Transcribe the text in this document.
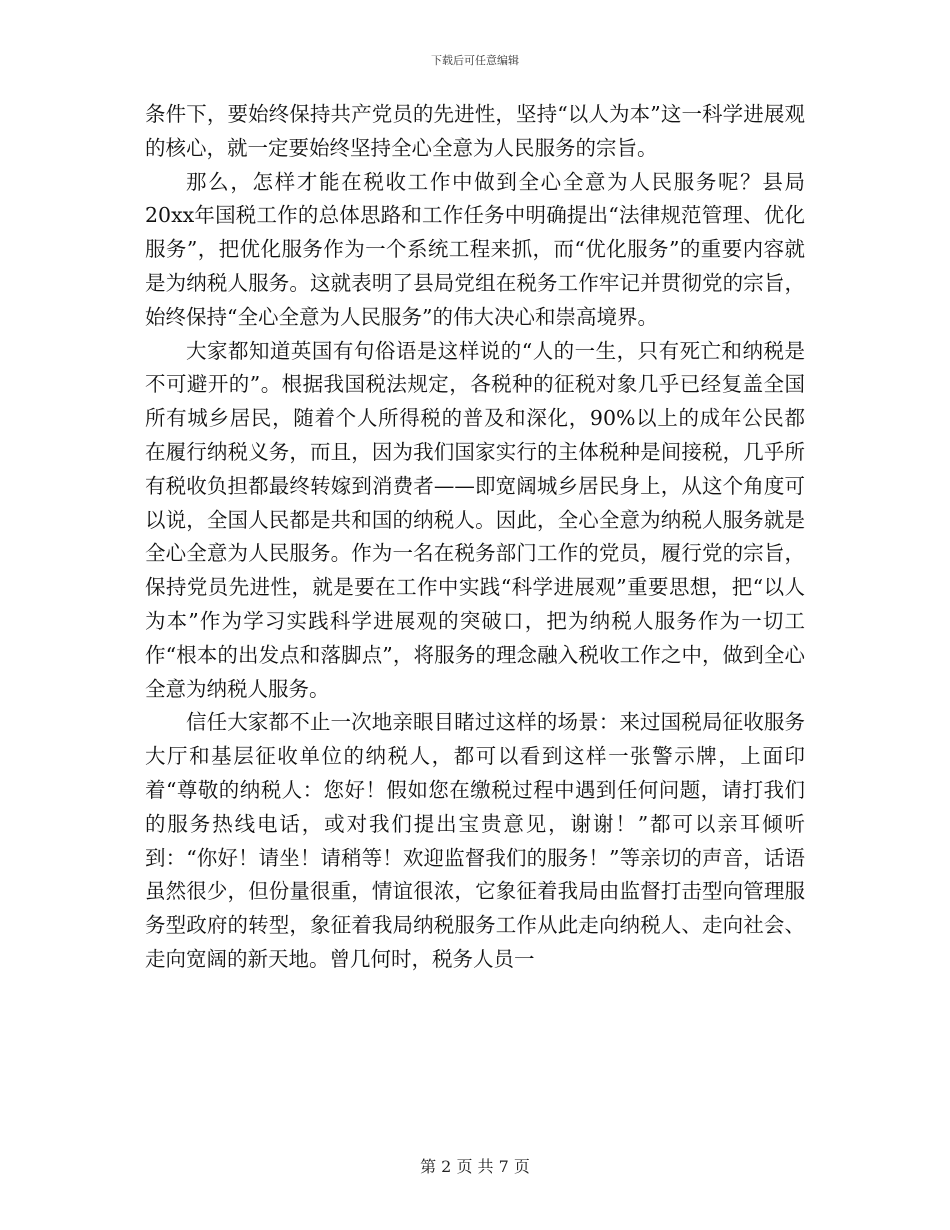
下载后可任意编辑

条件下，要始终保持共产党员的先进性，坚持“以人为本”这一科学进展观的核心，就一定要始终坚持全心全意为人民服务的宗旨。

那么，怎样才能在税收工作中做到全心全意为人民服务呢？县局20xx年国税工作的总体思路和工作任务中明确提出“法律规范管理、优化服务”，把优化服务作为一个系统工程来抓，而“优化服务”的重要内容就是为纳税人服务。这就表明了县局党组在税务工作牢记并贯彻党的宗旨，始终保持“全心全意为人民服务”的伟大决心和崇高境界。

大家都知道英国有句俗语是这样说的“人的一生，只有死亡和纳税是不可避开的”。根据我国税法规定，各税种的征税对象几乎已经复盖全国所有城乡居民，随着个人所得税的普及和深化，90%以上的成年公民都在履行纳税义务，而且，因为我们国家实行的主体税种是间接税，几乎所有税收负担都最终转嫁到消费者——即宽阔城乡居民身上，从这个角度可以说，全国人民都是共和国的纳税人。因此，全心全意为纳税人服务就是全心全意为人民服务。作为一名在税务部门工作的党员，履行党的宗旨，保持党员先进性，就是要在工作中实践“科学进展观”重要思想，把“以人为本”作为学习实践科学进展观的突破口，把为纳税人服务作为一切工作“根本的出发点和落脚点”，将服务的理念融入税收工作之中，做到全心全意为纳税人服务。

信任大家都不止一次地亲眼目睹过这样的场景：来过国税局征收服务大厅和基层征收单位的纳税人，都可以看到这样一张警示牌，上面印着“尊敬的纳税人：您好！假如您在缴税过程中遇到任何问题，请打我们的服务热线电话，或对我们提出宝贵意见，谢谢！”都可以亲耳倾听到：“你好！请坐！请稍等！欢迎监督我们的服务！”等亲切的声音，话语虽然很少，但份量很重，情谊很浓，它象征着我局由监督打击型向管理服务型政府的转型，象征着我局纳税服务工作从此走向纳税人、走向社会、走向宽阔的新天地。曾几何时，税务人员一

第 2 页 共 7 页
